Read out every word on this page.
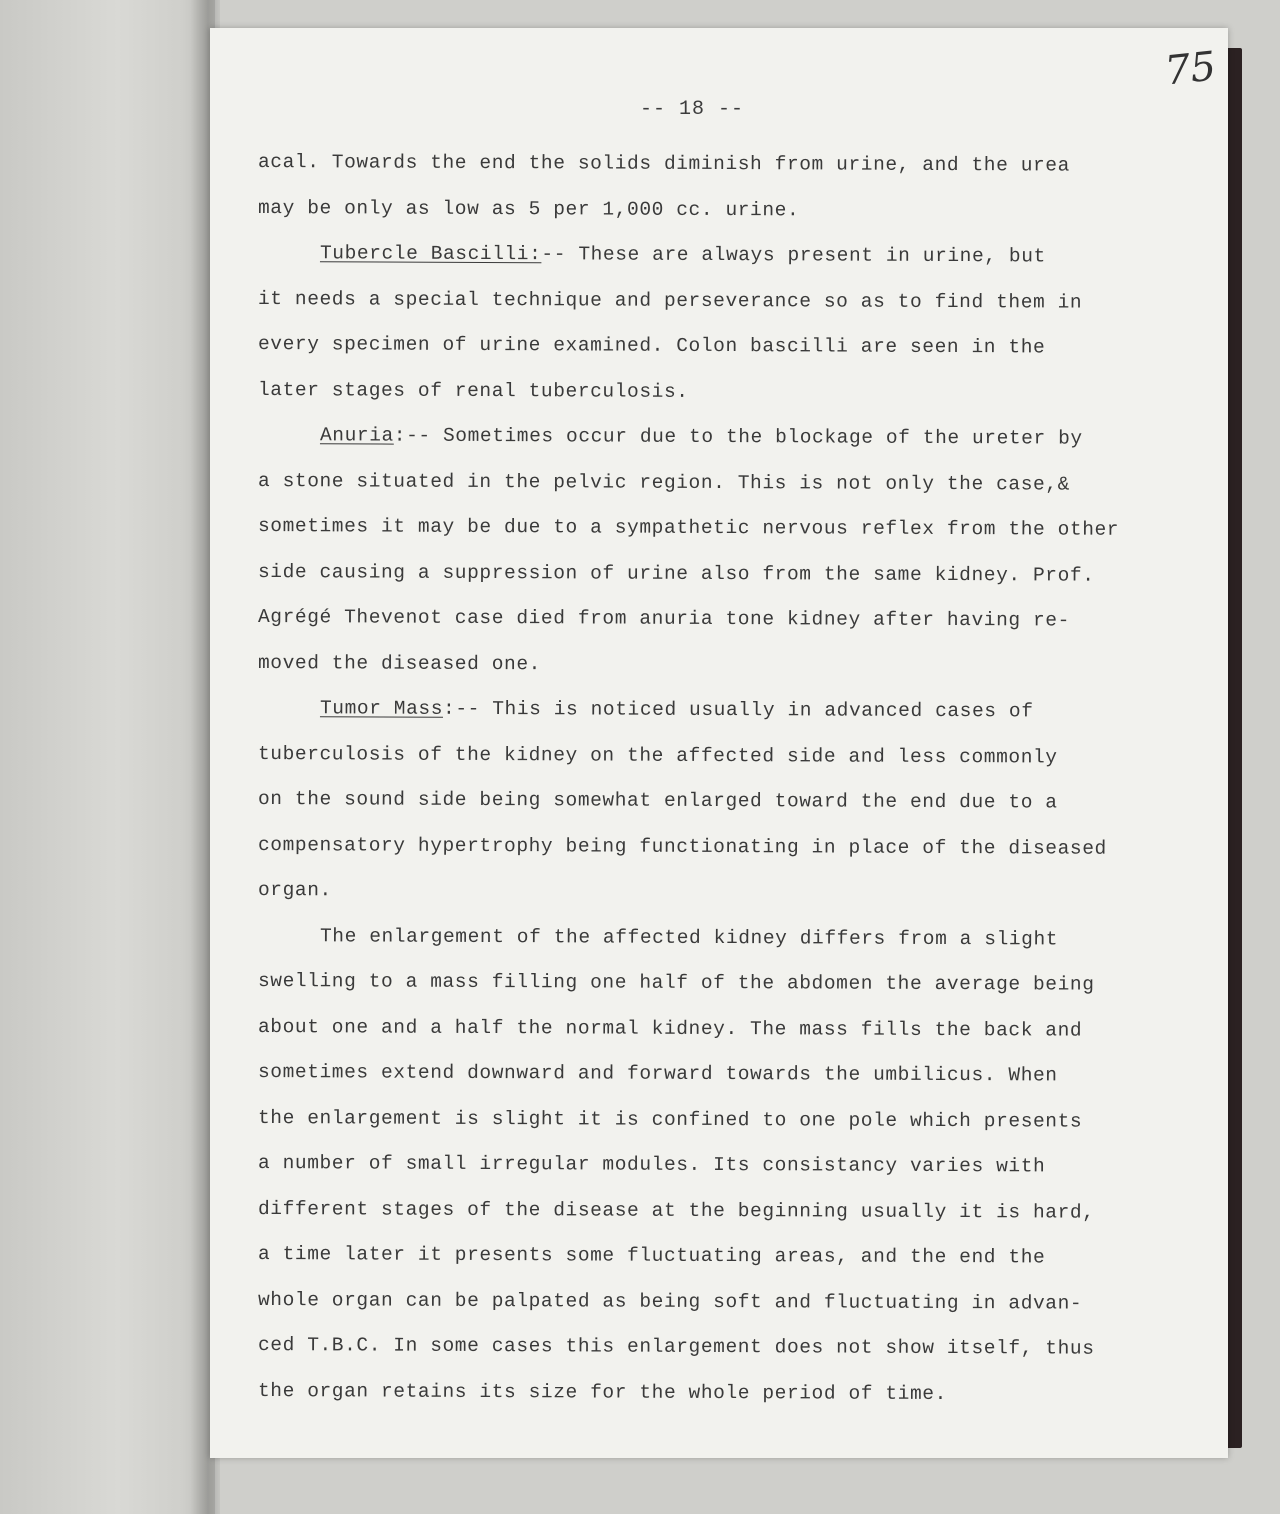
75
-- 18 --
acal. Towards the end the solids diminish from urine, and the urea
may be only as low as 5 per 1,000 cc. urine.
Tubercle Bascilli:-- These are always present in urine, but
it needs a special technique and perseverance so as to find them in
every specimen of urine examined. Colon bascilli are seen in the
later stages of renal tuberculosis.
Anuria:-- Sometimes occur due to the blockage of the ureter by
a stone situated in the pelvic region. This is not only the case,&
sometimes it may be due to a sympathetic nervous reflex from the other
side causing a suppression of urine also from the same kidney. Prof.
Agrégé Thevenot case died from anuria tone kidney after having re-
moved the diseased one.
Tumor Mass:-- This is noticed usually in advanced cases of
tuberculosis of the kidney on the affected side and less commonly
on the sound side being somewhat enlarged toward the end due to a
compensatory hypertrophy being functionating in place of the diseased
organ.
The enlargement of the affected kidney differs from a slight
swelling to a mass filling one half of the abdomen the average being
about one and a half the normal kidney. The mass fills the back and
sometimes extend downward and forward towards the umbilicus. When
the enlargement is slight it is confined to one pole which presents
a number of small irregular modules. Its consistancy varies with
different stages of the disease at the beginning usually it is hard,
a time later it presents some fluctuating areas, and the end the
whole organ can be palpated as being soft and fluctuating in advan-
ced T.B.C. In some cases this enlargement does not show itself, thus
the organ retains its size for the whole period of time.
